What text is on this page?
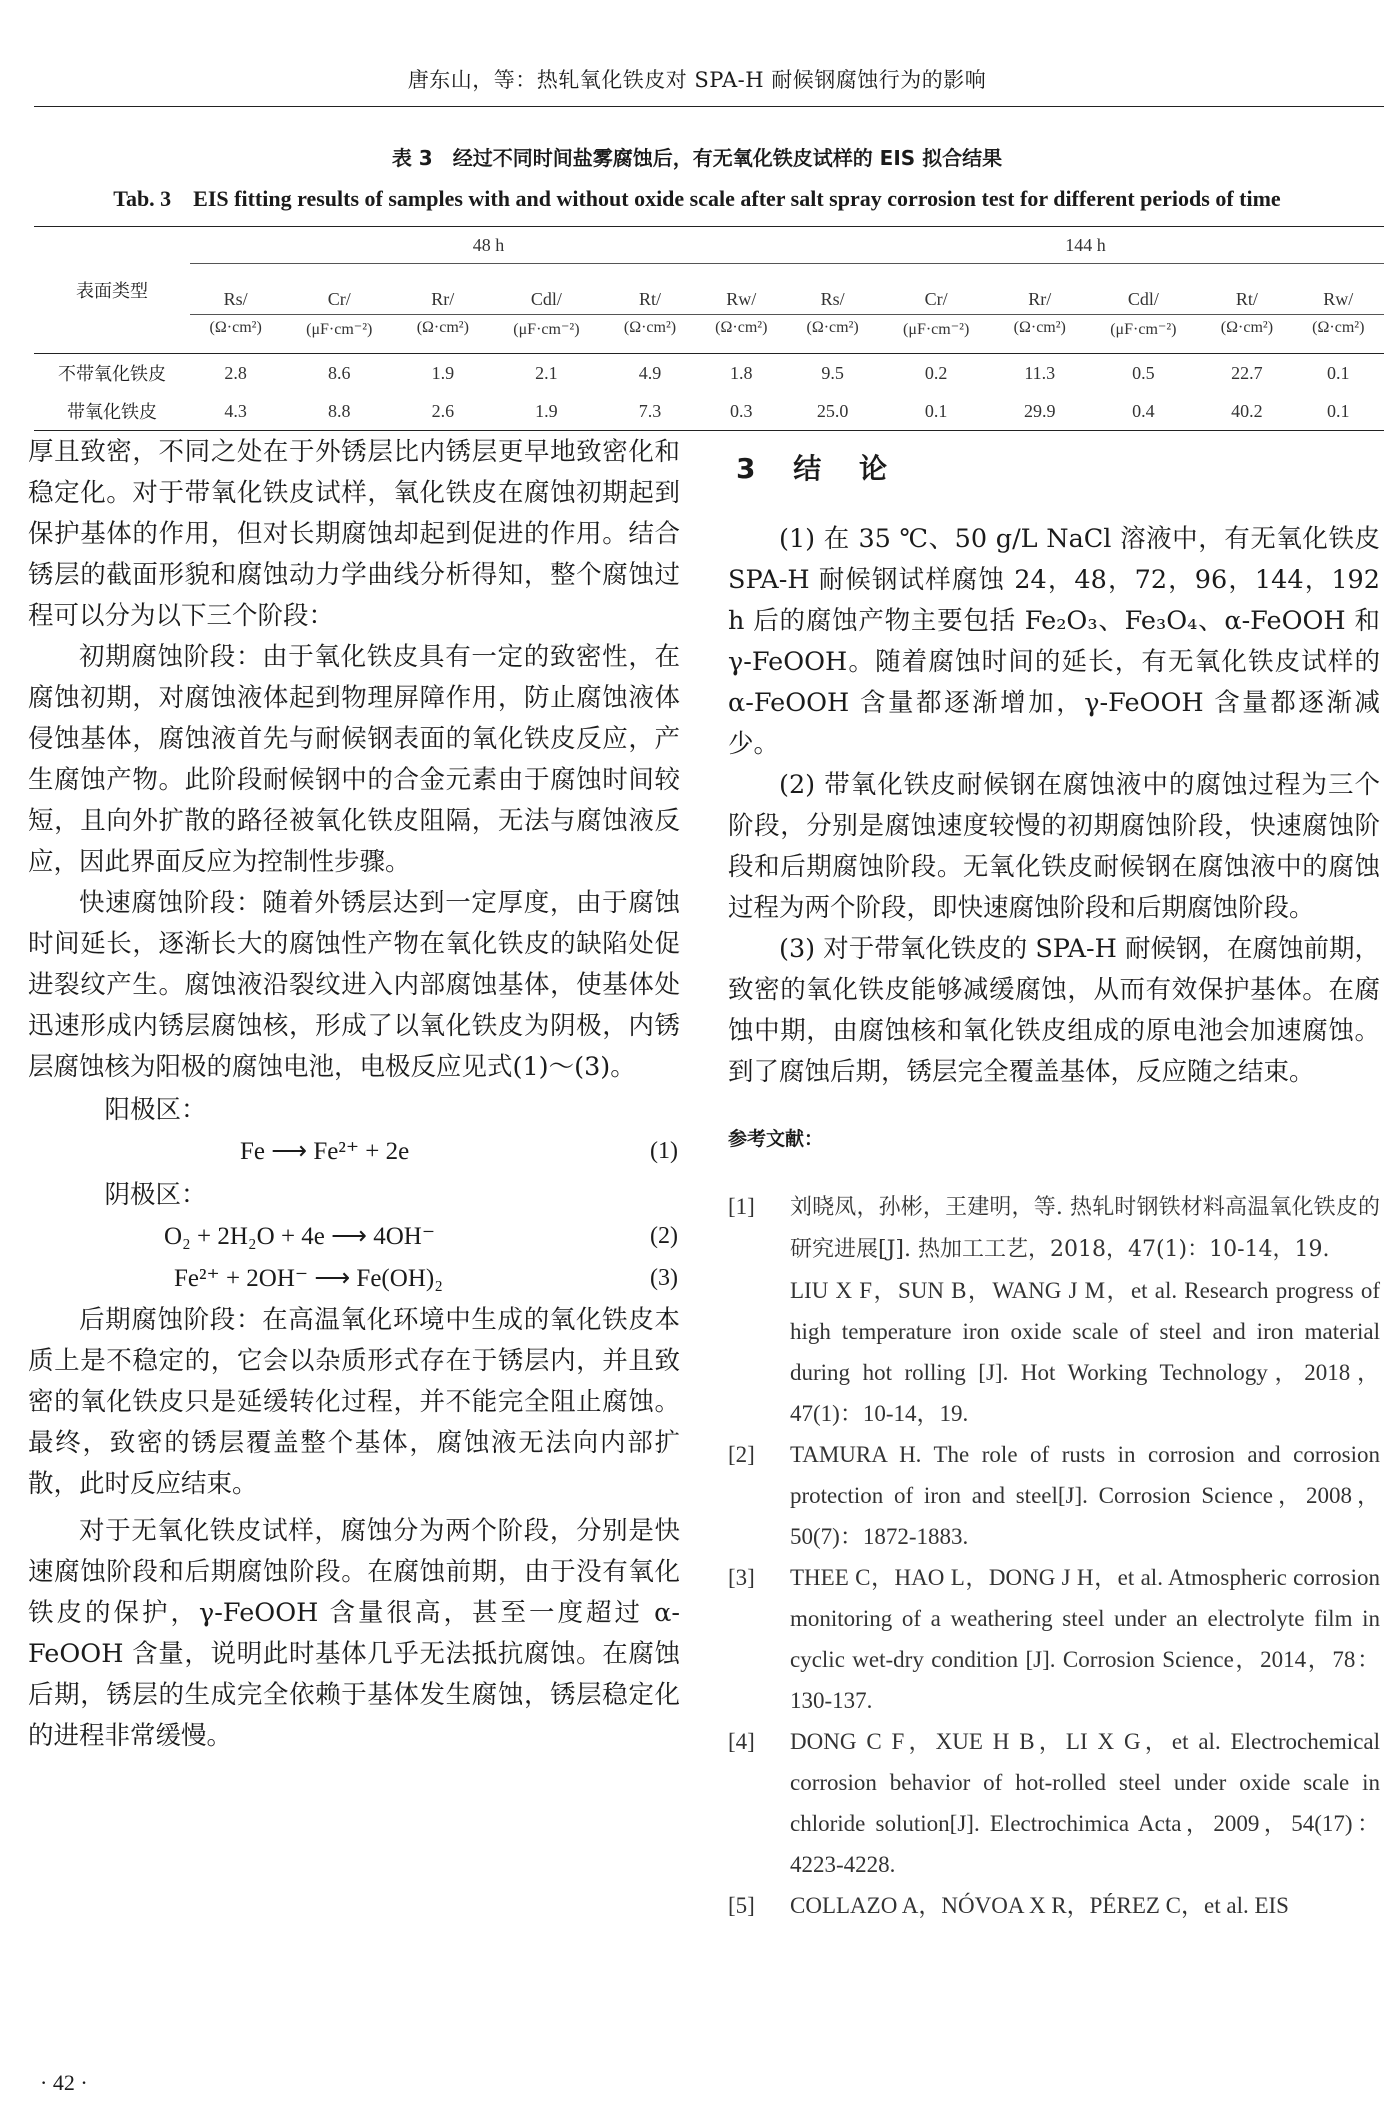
唐东山，等：热轧氧化铁皮对 SPA-H 耐候钢腐蚀行为的影响
表 3　经过不同时间盐雾腐蚀后，有无氧化铁皮试样的 EIS 拟合结果
Tab. 3　EIS fitting results of samples with and without oxide scale after salt spray corrosion test for different periods of time
表面类型	48 h						144 h					
	Rs/	Cr/	Rr/	Cdl/	Rt/	Rw/	Rs/	Cr/	Rr/	Cdl/	Rt/	Rw/
	(Ω·cm²)	(μF·cm⁻²)	(Ω·cm²)	(μF·cm⁻²)	(Ω·cm²)	(Ω·cm²)	(Ω·cm²)	(μF·cm⁻²)	(Ω·cm²)	(μF·cm⁻²)	(Ω·cm²)	(Ω·cm²)
不带氧化铁皮	2.8	8.6	1.9	2.1	4.9	1.8	9.5	0.2	11.3	0.5	22.7	0.1
带氧化铁皮	4.3	8.8	2.6	1.9	7.3	0.3	25.0	0.1	29.9	0.4	40.2	0.1

厚且致密，不同之处在于外锈层比内锈层更早地致密化和稳定化。对于带氧化铁皮试样，氧化铁皮在腐蚀初期起到保护基体的作用，但对长期腐蚀却起到促进的作用。结合锈层的截面形貌和腐蚀动力学曲线分析得知，整个腐蚀过程可以分为以下三个阶段：

初期腐蚀阶段：由于氧化铁皮具有一定的致密性，在腐蚀初期，对腐蚀液体起到物理屏障作用，防止腐蚀液体侵蚀基体，腐蚀液首先与耐候钢表面的氧化铁皮反应，产生腐蚀产物。此阶段耐候钢中的合金元素由于腐蚀时间较短，且向外扩散的路径被氧化铁皮阻隔，无法与腐蚀液反应，因此界面反应为控制性步骤。

快速腐蚀阶段：随着外锈层达到一定厚度，由于腐蚀时间延长，逐渐长大的腐蚀性产物在氧化铁皮的缺陷处促进裂纹产生。腐蚀液沿裂纹进入内部腐蚀基体，使基体处迅速形成内锈层腐蚀核，形成了以氧化铁皮为阴极，内锈层腐蚀核为阳极的腐蚀电池，电极反应见式(1)～(3)。

阳极区：

Fe ⟶ Fe²⁺ + 2e	(1)

阴极区：

O₂ + 2H₂O + 4e ⟶ 4OH⁻	(2)
Fe²⁺ + 2OH⁻ ⟶ Fe(OH)₂	(3)

后期腐蚀阶段：在高温氧化环境中生成的氧化铁皮本质上是不稳定的，它会以杂质形式存在于锈层内，并且致密的氧化铁皮只是延缓转化过程，并不能完全阻止腐蚀。最终，致密的锈层覆盖整个基体，腐蚀液无法向内部扩散，此时反应结束。

对于无氧化铁皮试样，腐蚀分为两个阶段，分别是快速腐蚀阶段和后期腐蚀阶段。在腐蚀前期，由于没有氧化铁皮的保护，γ-FeOOH 含量很高，甚至一度超过 α-FeOOH 含量，说明此时基体几乎无法抵抗腐蚀。在腐蚀后期，锈层的生成完全依赖于基体发生腐蚀，锈层稳定化的进程非常缓慢。

3 结 论

(1) 在 35 ℃、50 g/L NaCl 溶液中，有无氧化铁皮 SPA-H 耐候钢试样腐蚀 24，48，72，96，144，192 h 后的腐蚀产物主要包括 Fe₂O₃、Fe₃O₄、α-FeOOH 和 γ-FeOOH。随着腐蚀时间的延长，有无氧化铁皮试样的 α-FeOOH 含量都逐渐增加，γ-FeOOH 含量都逐渐减少。

(2) 带氧化铁皮耐候钢在腐蚀液中的腐蚀过程为三个阶段，分别是腐蚀速度较慢的初期腐蚀阶段，快速腐蚀阶段和后期腐蚀阶段。无氧化铁皮耐候钢在腐蚀液中的腐蚀过程为两个阶段，即快速腐蚀阶段和后期腐蚀阶段。

(3) 对于带氧化铁皮的 SPA-H 耐候钢，在腐蚀前期，致密的氧化铁皮能够减缓腐蚀，从而有效保护基体。在腐蚀中期，由腐蚀核和氧化铁皮组成的原电池会加速腐蚀。到了腐蚀后期，锈层完全覆盖基体，反应随之结束。

参考文献：
[1] 刘晓凤，孙彬，王建明，等. 热轧时钢铁材料高温氧化铁皮的研究进展[J]. 热加工工艺，2018，47(1)：10-14，19.
LIU X F，SUN B，WANG J M，et al. Research progress of high temperature iron oxide scale of steel and iron material during hot rolling [J]. Hot Working Technology，2018，47(1)：10-14，19.
[2] TAMURA H. The role of rusts in corrosion and corrosion protection of iron and steel[J]. Corrosion Science，2008，50(7)：1872-1883.
[3] THEE C，HAO L，DONG J H，et al. Atmospheric corrosion monitoring of a weathering steel under an electrolyte film in cyclic wet-dry condition [J]. Corrosion Science，2014，78：130-137.
[4] DONG C F，XUE H B，LI X G，et al. Electrochemical corrosion behavior of hot-rolled steel under oxide scale in chloride solution[J]. Electrochimica Acta，2009，54(17)：4223-4228.
[5] COLLAZO A，NÓVOA X R，PÉREZ C，et al. EIS
· 42 ·
